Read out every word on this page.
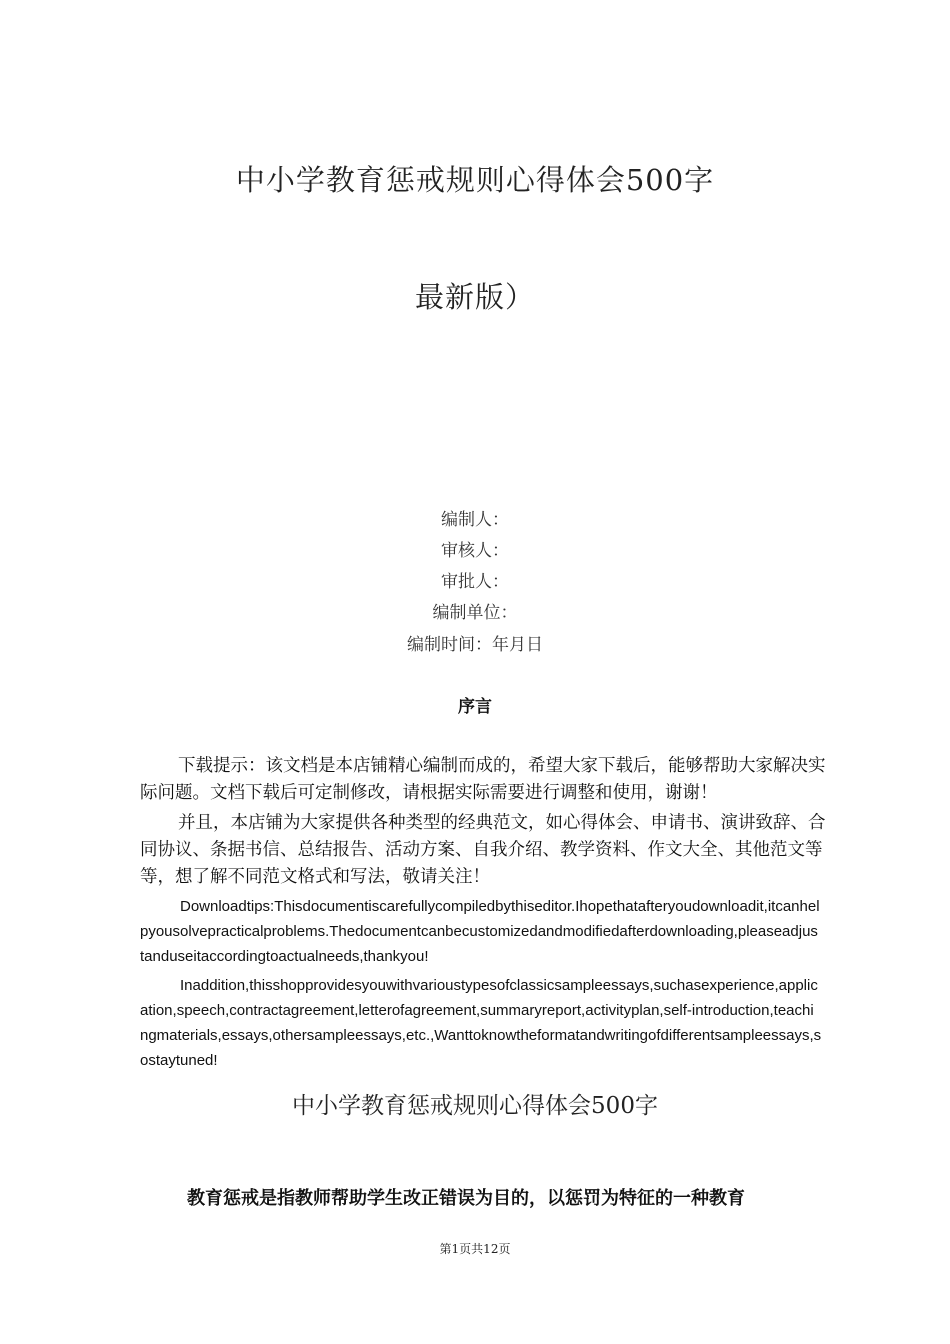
中小学教育惩戒规则心得体会500字
最新版）
编制人：
审核人：
审批人：
编制单位：
编制时间：年月日
序言
下载提示：该文档是本店铺精心编制而成的，希望大家下载后，能够帮助大家解决实际问题。文档下载后可定制修改，请根据实际需要进行调整和使用，谢谢！
并且，本店铺为大家提供各种类型的经典范文，如心得体会、申请书、演讲致辞、合同协议、条据书信、总结报告、活动方案、自我介绍、教学资料、作文大全、其他范文等等，想了解不同范文格式和写法，敬请关注！
Downloadtips:Thisdocumentiscarefullycompiledbythiseditor.Ihopethatafteryoudownloadit,itcanhelpyousolvepracticalproblems.Thedocumentcanbecustomizedandmodifiedafterdownloading,pleaseadjustanduseitaccordingtoactualneeds,thankyou!
Inaddition,thisshopprovidesyouwithvarioustypesofclassicsampleessays,suchasexperience,application,speech,contractagreement,letterofagreement,summaryreport,activityplan,self-introduction,teachingmaterials,essays,othersampleessays,etc.,Wanttoknowtheformatandwritingofdifferentsampleessays,sostaytuned!
中小学教育惩戒规则心得体会500字
教育惩戒是指教师帮助学生改正错误为目的，以惩罚为特征的一种教育
第1页共12页
